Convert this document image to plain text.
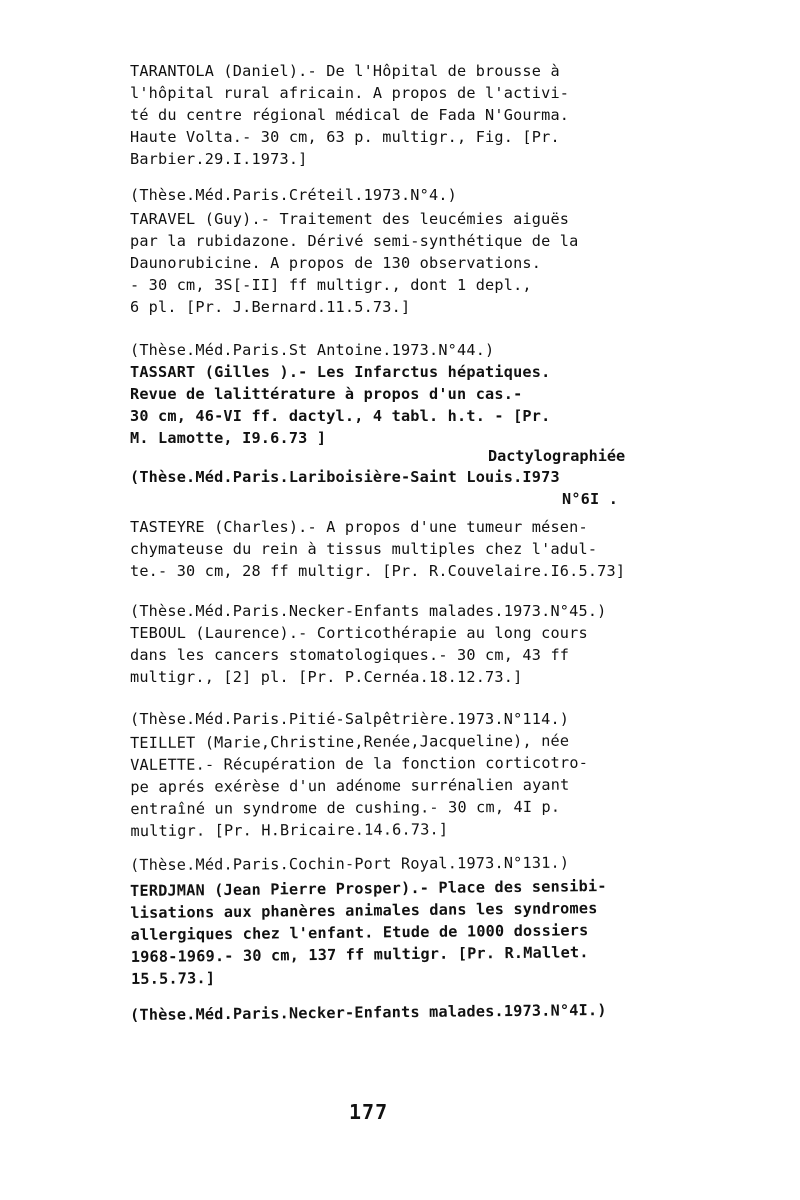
TARANTOLA (Daniel).- De l'Hôpital de brousse à
l'hôpital rural africain. A propos de l'activi-
té du centre régional médical de Fada N'Gourma.
Haute Volta.- 30 cm, 63 p. multigr., Fig. [Pr.
Barbier.29.I.1973.]
(Thèse.Méd.Paris.Créteil.1973.N°4.)
TARAVEL (Guy).- Traitement des leucémies aiguës
par la rubidazone. Dérivé semi-synthétique de la
Daunorubicine. A propos de 130 observations.
- 30 cm, 3S[-II] ff multigr., dont 1 depl.,
6 pl. [Pr. J.Bernard.11.5.73.]
(Thèse.Méd.Paris.St Antoine.1973.N°44.)
TASSART (Gilles ).- Les Infarctus hépatiques.
Revue de lalittérature à propos d'un cas.-
30 cm, 46-VI ff. dactyl., 4 tabl. h.t. - [Pr.
M. Lamotte, I9.6.73 ]
Dactylographiée
(Thèse.Méd.Paris.Lariboisière-Saint Louis.I973
N°6I .
TASTEYRE (Charles).- A propos d'une tumeur mésen-
chymateuse du rein à tissus multiples chez l'adul-
te.- 30 cm, 28 ff multigr. [Pr. R.Couvelaire.I6.5.73]
(Thèse.Méd.Paris.Necker-Enfants malades.1973.N°45.)
TEBOUL (Laurence).- Corticothérapie au long cours
dans les cancers stomatologiques.- 30 cm, 43 ff
multigr., [2] pl. [Pr. P.Cernéa.18.12.73.]
(Thèse.Méd.Paris.Pitié-Salpêtrière.1973.N°114.)
TEILLET (Marie,Christine,Renée,Jacqueline), née
VALETTE.- Récupération de la fonction corticotro-
pe aprés exérèse d'un adénome surrénalien ayant
entraîné un syndrome de cushing.- 30 cm, 4I p.
multigr. [Pr. H.Bricaire.14.6.73.]
(Thèse.Méd.Paris.Cochin-Port Royal.1973.N°131.)
TERDJMAN (Jean Pierre Prosper).- Place des sensibi-
lisations aux phanères animales dans les syndromes
allergiques chez l'enfant. Etude de 1000 dossiers
1968-1969.- 30 cm, 137 ff multigr. [Pr. R.Mallet.
15.5.73.]
(Thèse.Méd.Paris.Necker-Enfants malades.1973.N°4I.)
177
